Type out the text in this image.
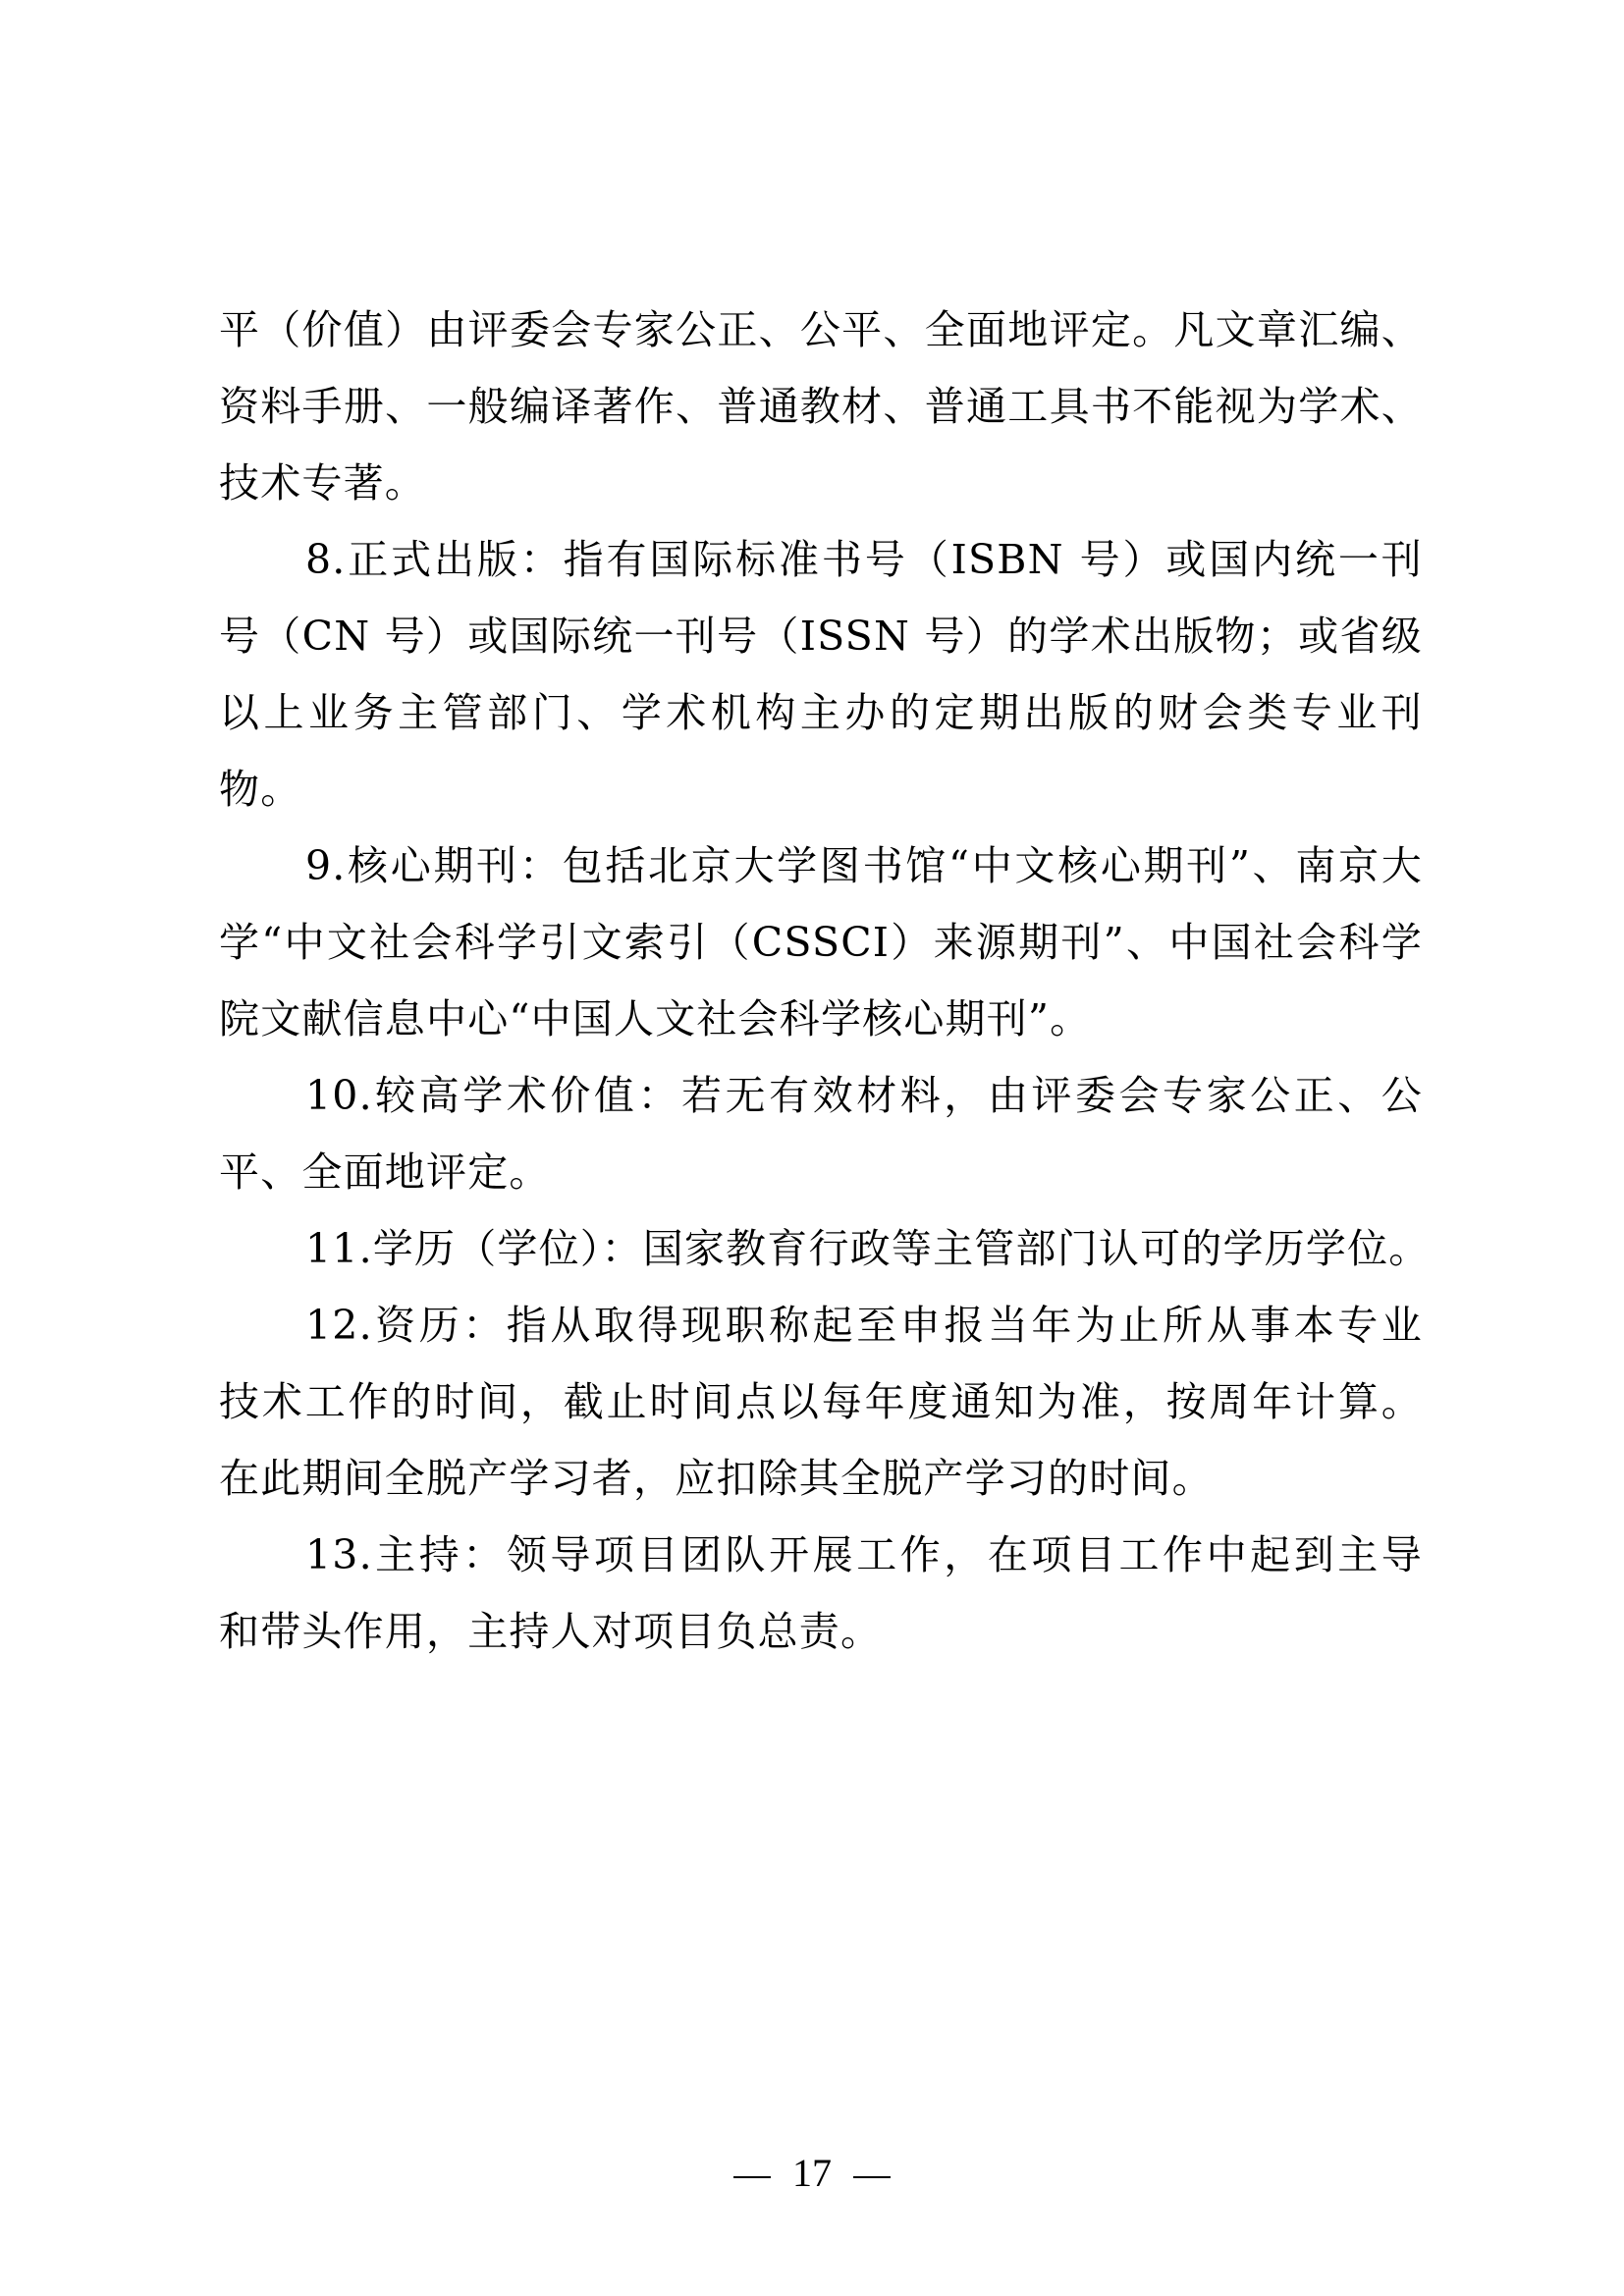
平（价值）由评委会专家公正、公平、全面地评定。凡文章汇编、
资料手册、一般编译著作、普通教材、普通工具书不能视为学术、
技术专著。
8.正式出版：指有国际标准书号（ISBN 号）或国内统一刊
号（CN 号）或国际统一刊号（ISSN 号）的学术出版物；或省级
以上业务主管部门、学术机构主办的定期出版的财会类专业刊
物。
9.核心期刊：包括北京大学图书馆“中文核心期刊”、南京大
学“中文社会科学引文索引（CSSCI）来源期刊”、中国社会科学
院文献信息中心“中国人文社会科学核心期刊”。
10.较高学术价值：若无有效材料，由评委会专家公正、公
平、全面地评定。
11.学历（学位）：国家教育行政等主管部门认可的学历学位。
12.资历：指从取得现职称起至申报当年为止所从事本专业
技术工作的时间，截止时间点以每年度通知为准，按周年计算。
在此期间全脱产学习者，应扣除其全脱产学习的时间。
13.主持：领导项目团队开展工作，在项目工作中起到主导
和带头作用，主持人对项目负总责。
17
